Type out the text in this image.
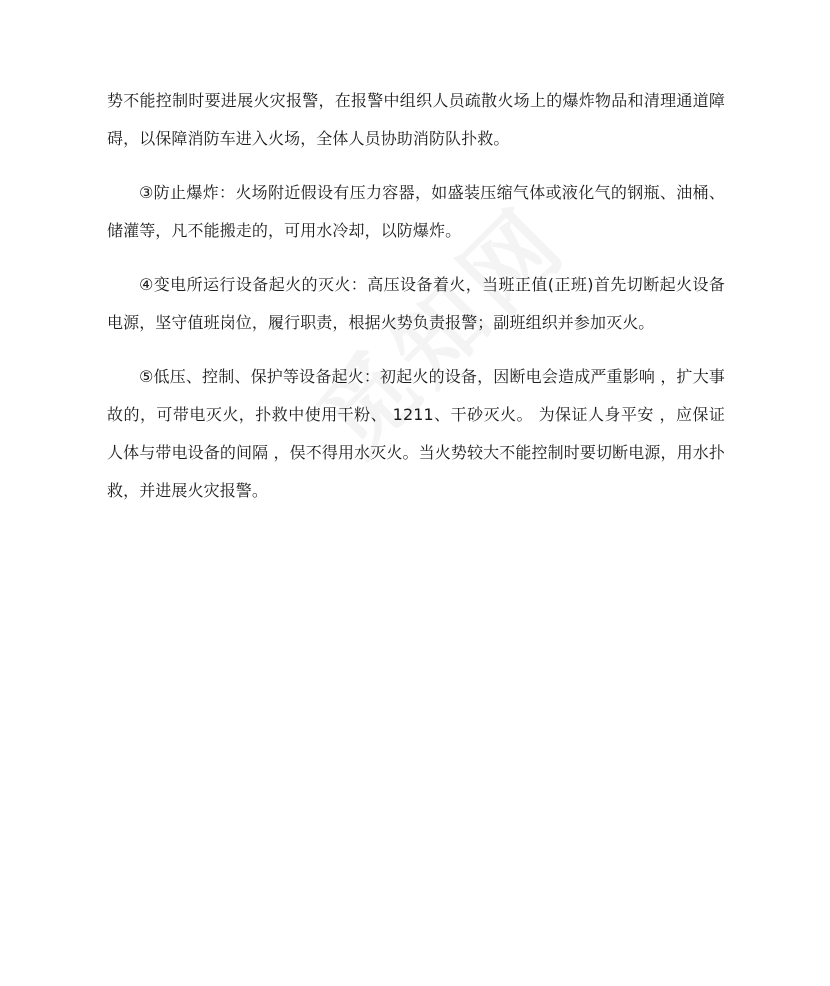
势不能控制时要进展火灾报警，在报警中组织人员疏散火场上的爆炸物品和清理通道障碍，以保障消防车进入火场，全体人员协助消防队扑救。

③防止爆炸：火场附近假设有压力容器，如盛装压缩气体或液化气的钢瓶、油桶、储灌等，凡不能搬走的，可用水冷却，以防爆炸。

④变电所运行设备起火的灭火：高压设备着火，当班正值(正班)首先切断起火设备电源，坚守值班岗位，履行职责，根据火势负责报警；副班组织并参加灭火。

⑤低压、控制、保护等设备起火：初起火的设备，因断电会造成严重影响 ，扩大事故的，可带电灭火，扑救中使用干粉、 1211、干砂灭火。 为保证人身平安 ，应保证人体与带电设备的间隔 ，俣不得用水灭火。当火势较大不能控制时要切断电源，用水扑救，并进展火灾报警。
